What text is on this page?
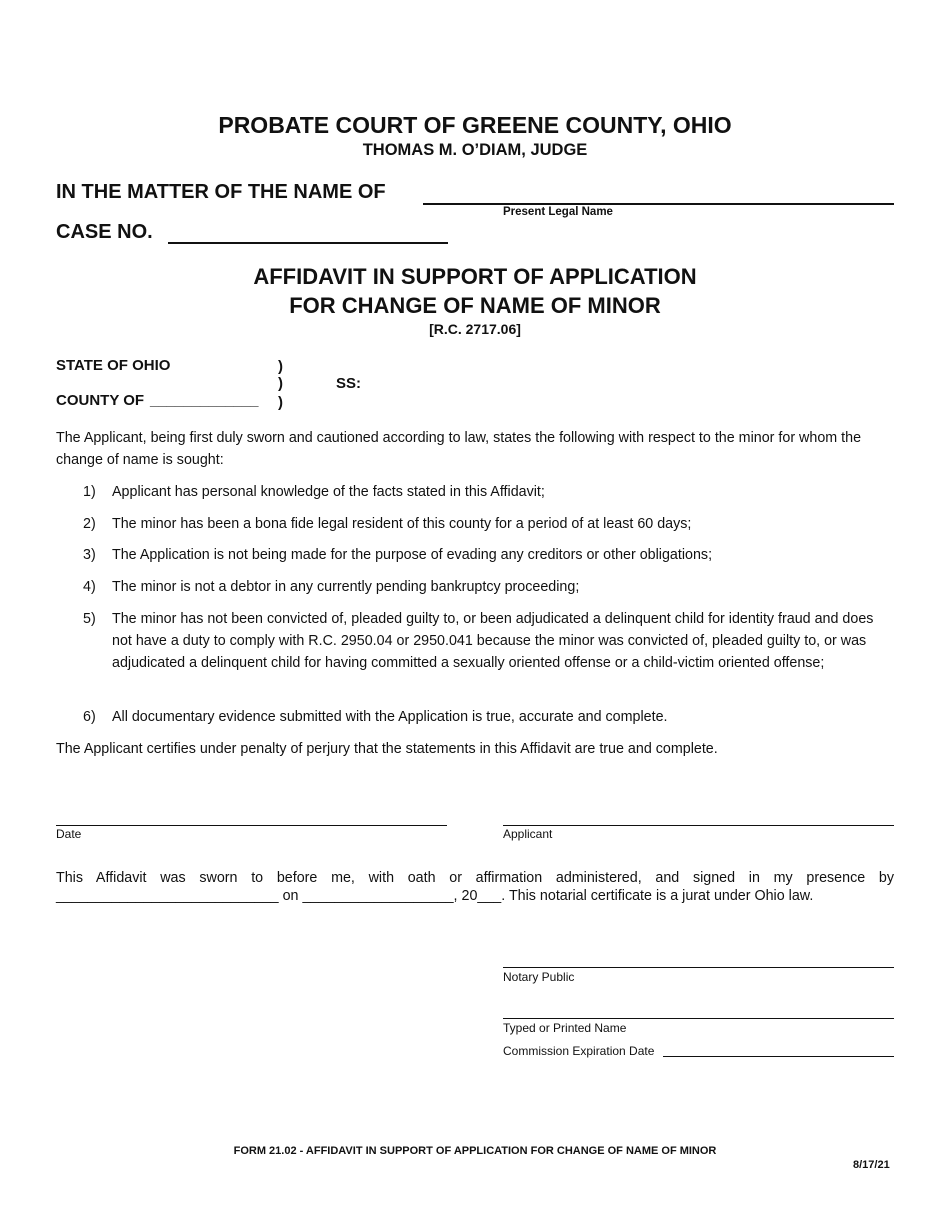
PROBATE COURT OF GREENE COUNTY, OHIO
THOMAS M. O’DIAM, JUDGE
IN THE MATTER OF THE NAME OF
Present Legal Name
CASE NO.
AFFIDAVIT IN SUPPORT OF APPLICATION
FOR CHANGE OF NAME OF MINOR
[R.C. 2717.06]
STATE OF OHIO	)
)	SS:
COUNTY OF _____________ )
The Applicant, being first duly sworn and cautioned according to law, states the following with respect to the minor for whom the change of name is sought:
1) Applicant has personal knowledge of the facts stated in this Affidavit;
2) The minor has been a bona fide legal resident of this county for a period of at least 60 days;
3) The Application is not being made for the purpose of evading any creditors or other obligations;
4) The minor is not a debtor in any currently pending bankruptcy proceeding;
5) The minor has not been convicted of, pleaded guilty to, or been adjudicated a delinquent child for identity fraud and does not have a duty to comply with R.C. 2950.04 or 2950.041 because the minor was convicted of, pleaded guilty to, or was adjudicated a delinquent child for having committed a sexually oriented offense or a child-victim oriented offense;
6) All documentary evidence submitted with the Application is true, accurate and complete.
The Applicant certifies under penalty of perjury that the statements in this Affidavit are true and complete.
Date	Applicant
This Affidavit was sworn to before me, with oath or affirmation administered, and signed in my presence by
____________________________ on ___________________, 20___. This notarial certificate is a jurat under Ohio law.
Notary Public
Typed or Printed Name
Commission Expiration Date
FORM 21.02 - AFFIDAVIT IN SUPPORT OF APPLICATION FOR CHANGE OF NAME OF MINOR
8/17/21
